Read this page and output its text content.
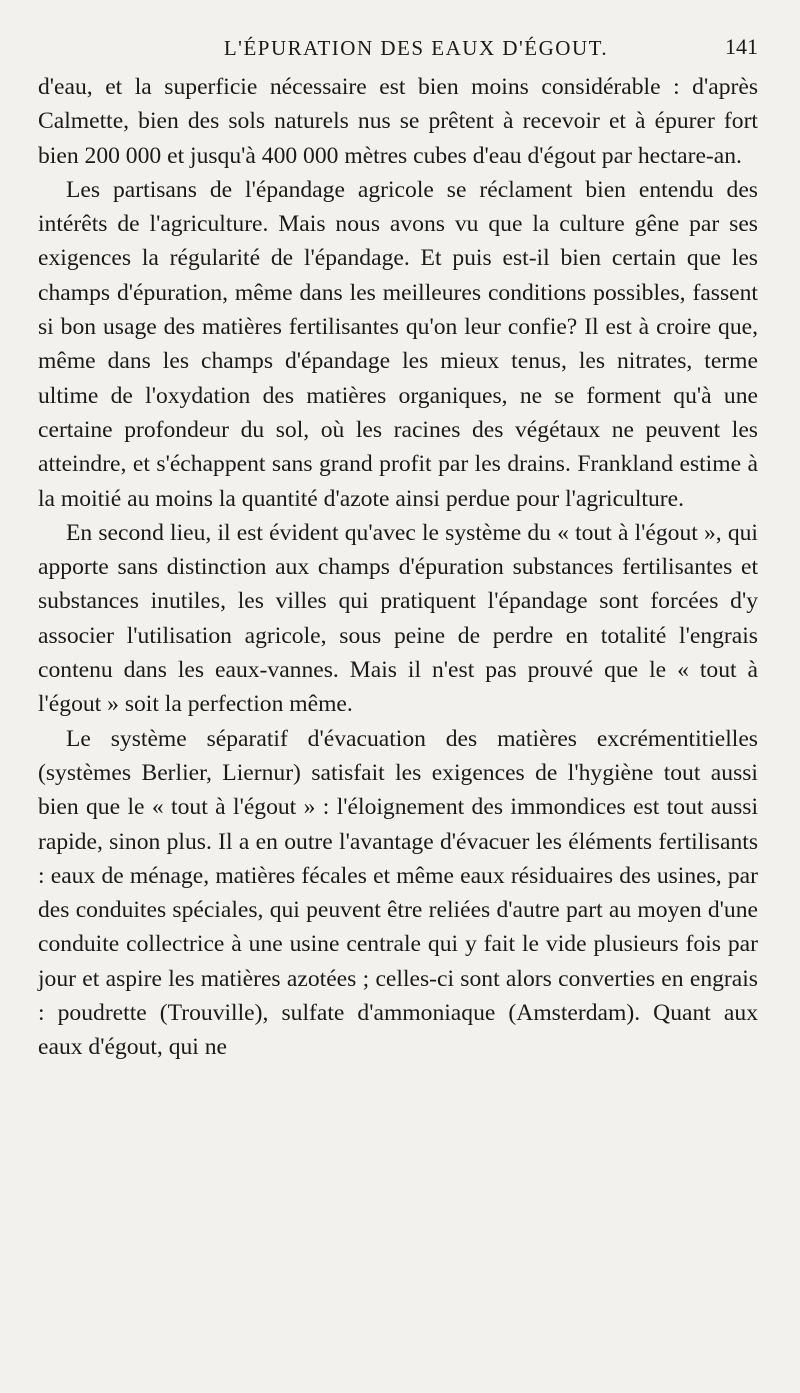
L'ÉPURATION DES EAUX D'ÉGOUT.	141

d'eau, et la superficie nécessaire est bien moins considérable : d'après Calmette, bien des sols naturels nus se prêtent à recevoir et à épurer fort bien 200 000 et jusqu'à 400 000 mètres cubes d'eau d'égout par hectare-an.

Les partisans de l'épandage agricole se réclament bien entendu des intérêts de l'agriculture. Mais nous avons vu que la culture gêne par ses exigences la régularité de l'épandage. Et puis est-il bien certain que les champs d'épuration, même dans les meilleures conditions possibles, fassent si bon usage des matières fertilisantes qu'on leur confie? Il est à croire que, même dans les champs d'épandage les mieux tenus, les nitrates, terme ultime de l'oxydation des matières organiques, ne se forment qu'à une certaine profondeur du sol, où les racines des végétaux ne peuvent les atteindre, et s'échappent sans grand profit par les drains. Frankland estime à la moitié au moins la quantité d'azote ainsi perdue pour l'agriculture.

En second lieu, il est évident qu'avec le système du « tout à l'égout », qui apporte sans distinction aux champs d'épuration substances fertilisantes et substances inutiles, les villes qui pratiquent l'épandage sont forcées d'y associer l'utilisation agricole, sous peine de perdre en totalité l'engrais contenu dans les eaux-vannes. Mais il n'est pas prouvé que le « tout à l'égout » soit la perfection même.

Le système séparatif d'évacuation des matières excrémentitielles (systèmes Berlier, Liernur) satisfait les exigences de l'hygiène tout aussi bien que le « tout à l'égout » : l'éloignement des immondices est tout aussi rapide, sinon plus. Il a en outre l'avantage d'évacuer les éléments fertilisants : eaux de ménage, matières fécales et même eaux résiduaires des usines, par des conduites spéciales, qui peuvent être reliées d'autre part au moyen d'une conduite collectrice à une usine centrale qui y fait le vide plusieurs fois par jour et aspire les matières azotées ; celles-ci sont alors converties en engrais : poudrette (Trouville), sulfate d'ammoniaque (Amsterdam). Quant aux eaux d'égout, qui ne
